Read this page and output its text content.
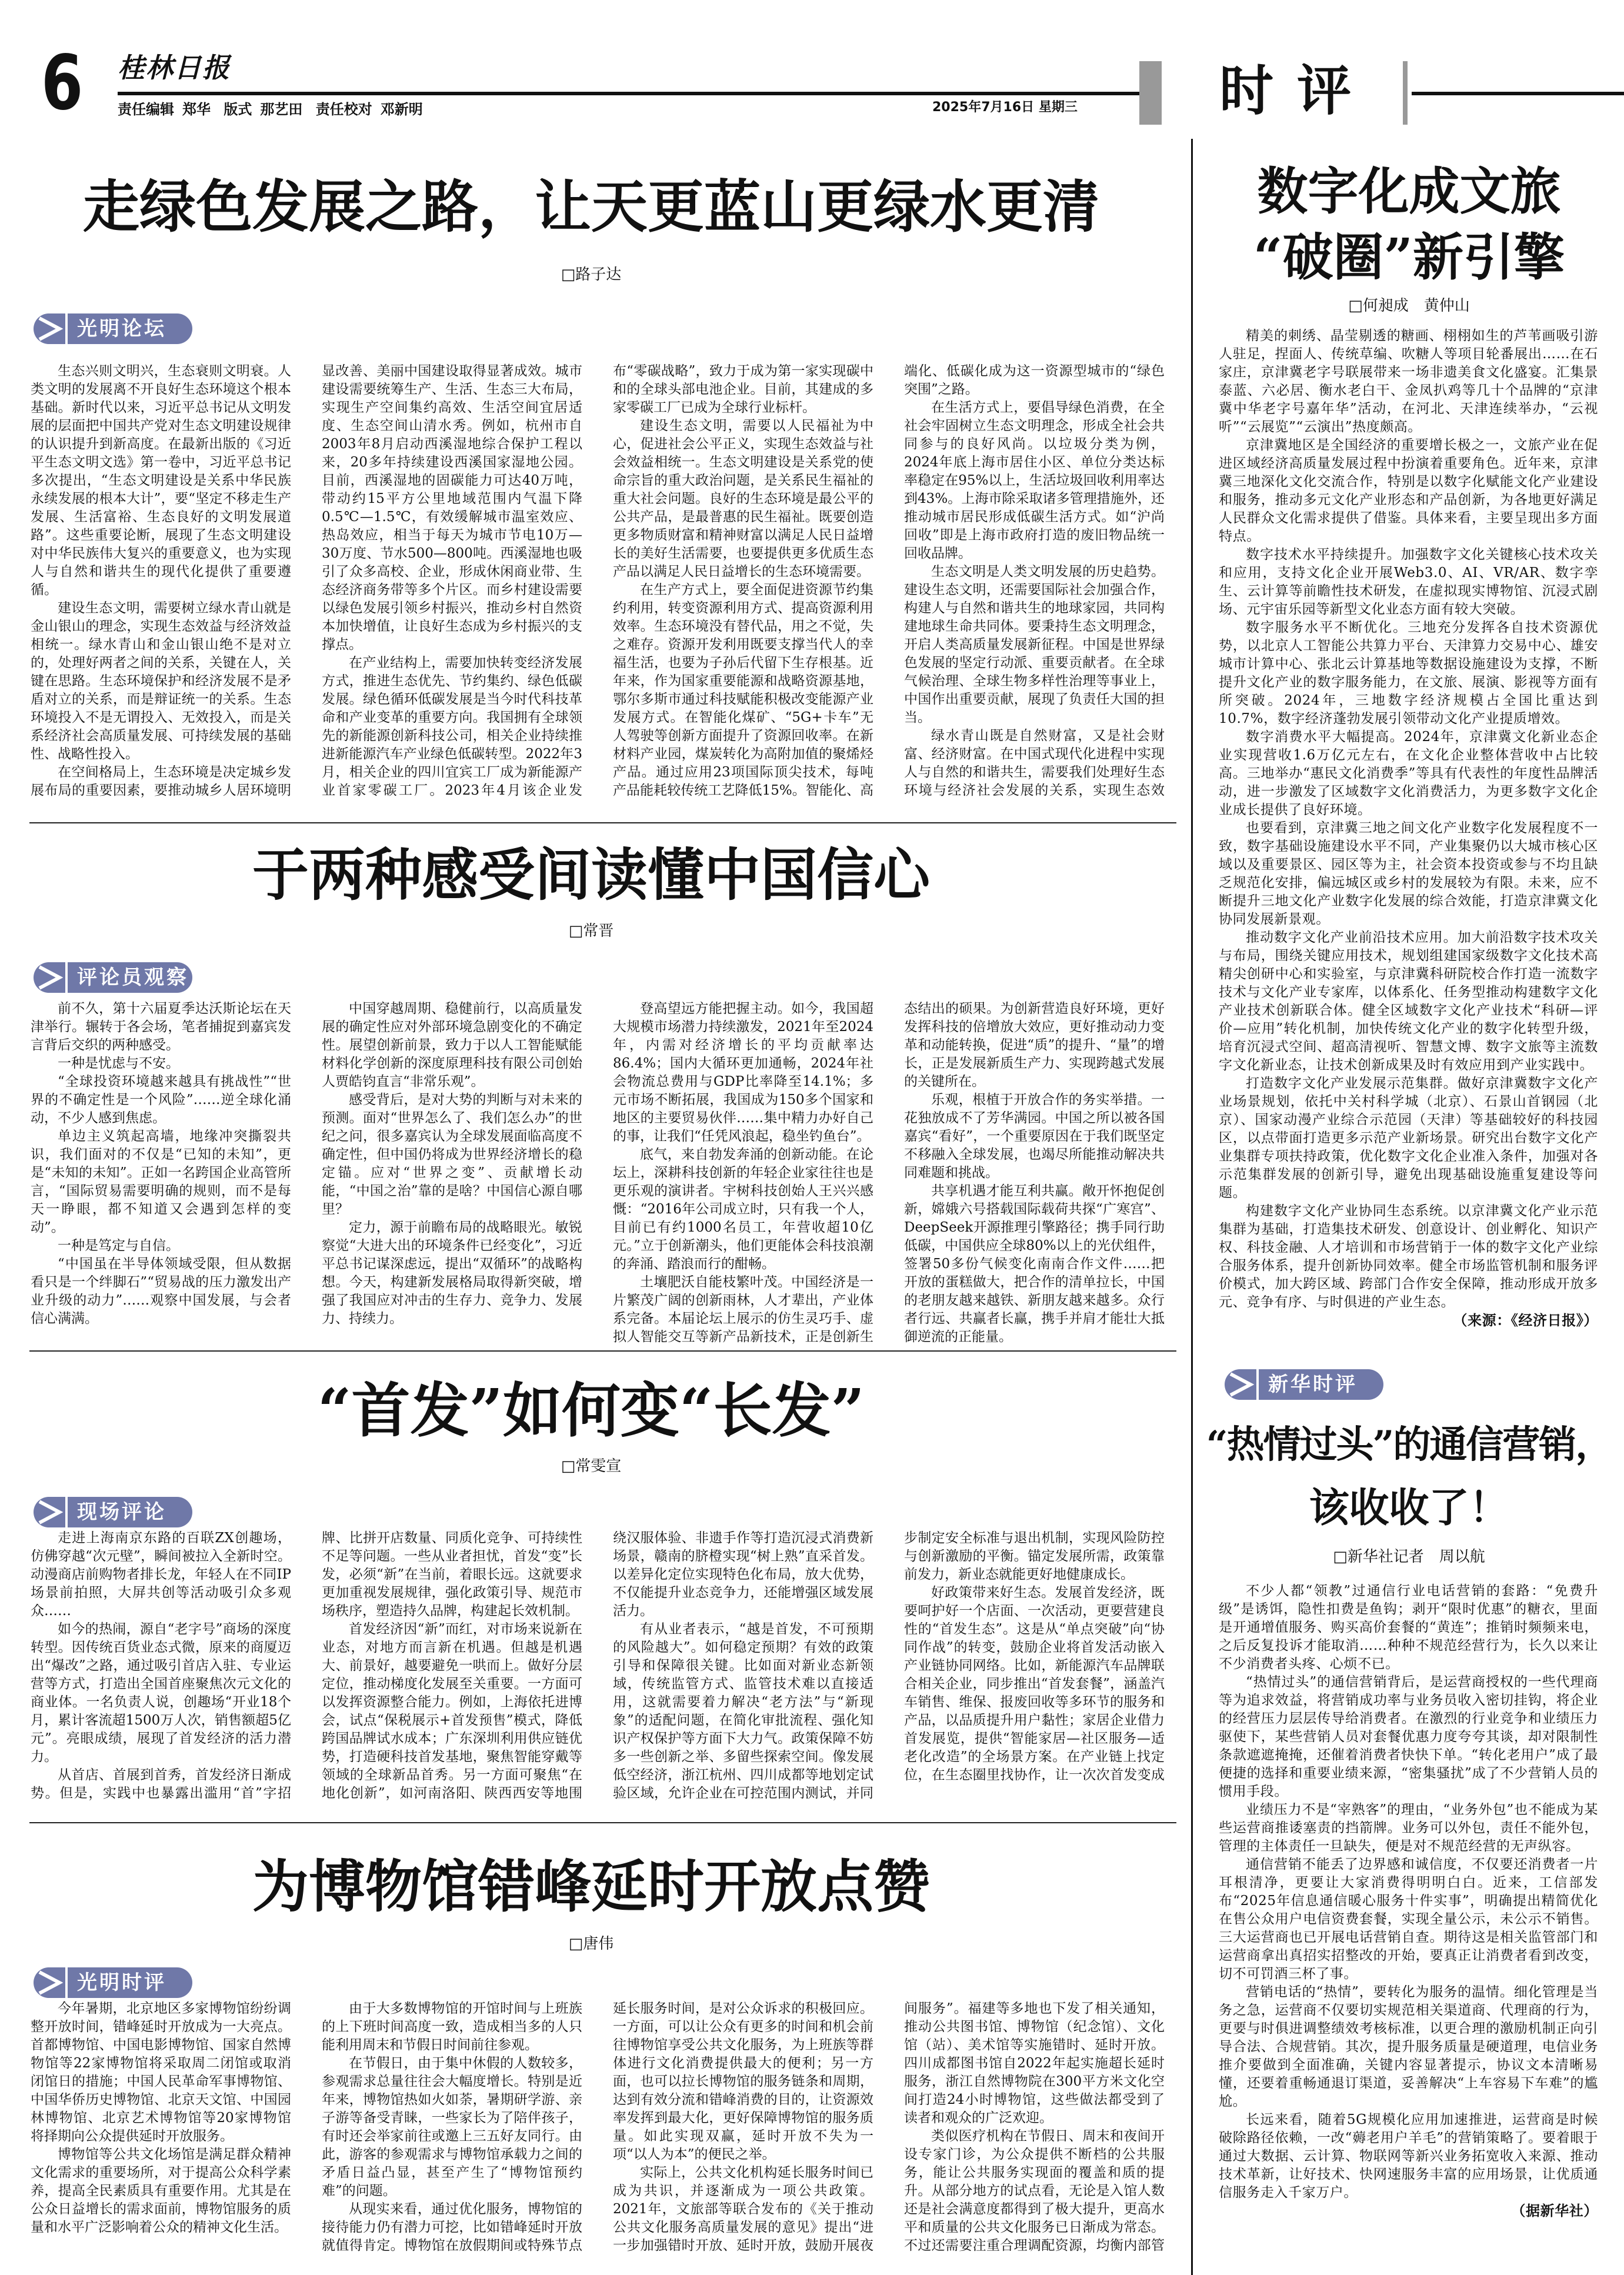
6 桂林日报
责任编辑 郑华 版式 那艺田 责任校对 邓新明	2025年7月16日 星期三	时评
走绿色发展之路，让天更蓝山更绿水更清
□路子达
光明论坛

生态兴则文明兴，生态衰则文明衰。人类文明的发展离不开良好生态环境这个根本基础。新时代以来，习近平总书记从文明发展的层面把中国共产党对生态文明建设规律的认识提升到新高度。在最新出版的《习近平生态文明文选》第一卷中，习近平总书记多次提出，“生态文明建设是关系中华民族永续发展的根本大计”，要“坚定不移走生产发展、生活富裕、生态良好的文明发展道路”。这些重要论断，展现了生态文明建设对中华民族伟大复兴的重要意义，也为实现人与自然和谐共生的现代化提供了重要遵循。

建设生态文明，需要树立绿水青山就是金山银山的理念，实现生态效益与经济效益相统一。绿水青山和金山银山绝不是对立的，处理好两者之间的关系，关键在人，关键在思路。生态环境保护和经济发展不是矛盾对立的关系，而是辩证统一的关系。生态环境投入不是无谓投入、无效投入，而是关系经济社会高质量发展、可持续发展的基础性、战略性投入。

在空间格局上，生态环境是决定城乡发展布局的重要因素，要推动城乡人居环境明显改善、美丽中国建设取得显著成效。城市建设需要统筹生产、生活、生态三大布局，实现生产空间集约高效、生活空间宜居适度、生态空间山清水秀。例如，杭州市自2003年8月启动西溪湿地综合保护工程以来，20多年持续建设西溪国家湿地公园。目前，西溪湿地的固碳能力可达40万吨，带动约15平方公里地域范围内气温下降0.5℃—1.5℃，有效缓解城市温室效应、热岛效应，相当于每天为城市节电10万—30万度、节水500—800吨。西溪湿地也吸引了众多高校、企业，形成休闲商业带、生态经济商务带等多个片区。而乡村建设需要以绿色发展引领乡村振兴，推动乡村自然资本加快增值，让良好生态成为乡村振兴的支撑点。

在产业结构上，需要加快转变经济发展方式，推进生态优先、节约集约、绿色低碳发展。绿色循环低碳发展是当今时代科技革命和产业变革的重要方向。我国拥有全球领先的新能源创新科技公司，相关企业持续推进新能源汽车产业绿色低碳转型。2022年3月，相关企业的四川宜宾工厂成为新能源产业首家零碳工厂。2023年4月该企业发布“零碳战略”，致力于成为第一家实现碳中和的全球头部电池企业。目前，其建成的多家零碳工厂已成为全球行业标杆。

建设生态文明，需要以人民福祉为中心，促进社会公平正义，实现生态效益与社会效益相统一。生态文明建设是关系党的使命宗旨的重大政治问题，是关系民生福祉的重大社会问题。良好的生态环境是最公平的公共产品，是最普惠的民生福祉。既要创造更多物质财富和精神财富以满足人民日益增长的美好生活需要，也要提供更多优质生态产品以满足人民日益增长的生态环境需要。

在生产方式上，要全面促进资源节约集约利用，转变资源利用方式、提高资源利用效率。生态环境没有替代品，用之不觉，失之难存。资源开发利用既要支撑当代人的幸福生活，也要为子孙后代留下生存根基。近年来，作为国家重要能源和战略资源基地，鄂尔多斯市通过科技赋能积极改变能源产业发展方式。在智能化煤矿、“5G+卡车”无人驾驶等创新方面提升了资源回收率。在新材料产业园，煤炭转化为高附加值的聚烯烃产品。通过应用23项国际顶尖技术，每吨产品能耗较传统工艺降低15%。智能化、高端化、低碳化成为这一资源型城市的“绿色突围”之路。

在生活方式上，要倡导绿色消费，在全社会牢固树立生态文明理念，形成全社会共同参与的良好风尚。以垃圾分类为例，2024年底上海市居住小区、单位分类达标率稳定在95%以上，生活垃圾回收利用率达到43%。上海市除采取诸多管理措施外，还推动城市居民形成低碳生活方式。如“沪尚回收”即是上海市政府打造的废旧物品统一回收品牌。

生态文明是人类文明发展的历史趋势。建设生态文明，还需要国际社会加强合作，构建人与自然和谐共生的地球家园，共同构建地球生命共同体。要秉持生态文明理念，开启人类高质量发展新征程。中国是世界绿色发展的坚定行动派、重要贡献者。在全球气候治理、全球生物多样性治理等事业上，中国作出重要贡献，展现了负责任大国的担当。

绿水青山既是自然财富，又是社会财富、经济财富。在中国式现代化进程中实现人与自然的和谐共生，需要我们处理好生态环境与经济社会发展的关系，实现生态效

于两种感受间读懂中国信心
□常晋
评论员观察

前不久，第十六届夏季达沃斯论坛在天津举行。辗转于各会场，笔者捕捉到嘉宾发言背后交织的两种感受。

一种是忧虑与不安。

“全球投资环境越来越具有挑战性”“世界的不确定性是一个风险”……逆全球化涌动，不少人感到焦虑。

单边主义筑起高墙，地缘冲突撕裂共识，我们面对的不仅是“已知的未知”，更是“未知的未知”。正如一名跨国企业高管所言，“国际贸易需要明确的规则，而不是每天一睁眼，都不知道又会遇到怎样的变动”。

一种是笃定与自信。

“中国虽在半导体领域受限，但从数据看只是一个绊脚石”“贸易战的压力激发出产业升级的动力”……观察中国发展，与会者信心满满。

中国穿越周期、稳健前行，以高质量发展的确定性应对外部环境急剧变化的不确定性。展望创新前景，致力于以人工智能赋能材料化学创新的深度原理科技有限公司创始人贾皓钧直言“非常乐观”。

感受背后，是对大势的判断与对未来的预测。面对“世界怎么了、我们怎么办”的世纪之问，很多嘉宾认为全球发展面临高度不确定性，但中国仍将成为世界经济增长的稳定锚。应对“世界之变”、贡献增长动能，“中国之治”靠的是啥？中国信心源自哪里？

定力，源于前瞻布局的战略眼光。敏锐察觉“大进大出的环境条件已经变化”，习近平总书记谋深虑远，提出“双循环”的战略构想。今天，构建新发展格局取得新突破，增强了我国应对冲击的生存力、竞争力、发展力、持续力。

登高望远方能把握主动。如今，我国超大规模市场潜力持续激发，2021年至2024年，内需对经济增长的平均贡献率达86.4%；国内大循环更加通畅，2024年社会物流总费用与GDP比率降至14.1%；多元市场不断拓展，我国成为150多个国家和地区的主要贸易伙伴……集中精力办好自己的事，让我们“任凭风浪起，稳坐钓鱼台”。

底气，来自勃发奔涌的创新动能。在论坛上，深耕科技创新的年轻企业家往往也是更乐观的演讲者。宇树科技创始人王兴兴感慨：“2016年公司成立时，只有我一个人，目前已有约1000名员工，年营收超10亿元。”立于创新潮头，他们更能体会科技浪潮的奔涌、踏浪而行的酣畅。

土壤肥沃自能枝繁叶茂。中国经济是一片繁茂广阔的创新雨林，人才辈出，产业体系完备。本届论坛上展示的仿生灵巧手、虚拟人智能交互等新产品新技术，正是创新生态结出的硕果。为创新营造良好环境，更好发挥科技的倍增放大效应，更好推动动力变革和动能转换，促进“质”的提升、“量”的增长，正是发展新质生产力、实现跨越式发展的关键所在。

乐观，根植于开放合作的务实举措。一花独放成不了芳华满园。中国之所以被各国嘉宾“看好”，一个重要原因在于我们既坚定不移融入全球发展，也竭尽所能推动解决共同难题和挑战。

共享机遇才能互利共赢。敞开怀抱促创新，嫦娥六号搭载国际载荷共探“广寒宫”、DeepSeek开源推理引擎路径；携手同行助低碳，中国供应全球80%以上的光伏组件，签署50多份气候变化南南合作文件……把开放的蛋糕做大，把合作的清单拉长，中国的老朋友越来越铁、新朋友越来越多。众行者行远、共赢者长赢，携手并肩才能壮大抵御逆流的正能量。

“首发”如何变“长发”
□常雯宣
现场评论

走进上海南京东路的百联ZX创趣场，仿佛穿越“次元壁”，瞬间被拉入全新时空。动漫商店前购物者排长龙，年轻人在不同IP场景前拍照，大屏共创等活动吸引众多观众……

如今的热闹，源自“老字号”商场的深度转型。因传统百货业态式微，原来的商厦迈出“爆改”之路，通过吸引首店入驻、专业运营等方式，打造出全国首座聚焦次元文化的商业体。一名负责人说，创趣场“开业18个月，累计客流超1500万人次，销售额超5亿元”。亮眼成绩，展现了首发经济的活力潜力。

从首店、首展到首秀，首发经济日渐成势。但是，实践中也暴露出滥用“首”字招牌、比拼开店数量、同质化竞争、可持续性不足等问题。一些从业者担忧，首发“变”长发，必须“新”在当前，着眼长远。这就要求更加重视发展规律，强化政策引导、规范市场秩序，塑造持久品牌，构建起长效机制。

首发经济因“新”而红，对市场来说新在业态，对地方而言新在机遇。但越是机遇大、前景好，越要避免一哄而上。做好分层定位，推动梯度化发展至关重要。一方面可以发挥资源整合能力。例如，上海依托进博会，试点“保税展示+首发预售”模式，降低跨国品牌试水成本；广东深圳利用供应链优势，打造硬科技首发基地，聚焦智能穿戴等领域的全球新品首秀。另一方面可聚焦“在地化创新”，如河南洛阳、陕西西安等地围绕汉服体验、非遗手作等打造沉浸式消费新场景，赣南的脐橙实现“树上熟”直采首发。以差异化定位实现特色化布局，放大优势，不仅能提升业态竞争力，还能增强区域发展活力。

有从业者表示，“越是首发，不可预期的风险越大”。如何稳定预期？有效的政策引导和保障很关键。比如面对新业态新领域，传统监管方式、监管技术难以直接适用，这就需要着力解决“老方法”与“新现象”的适配问题，在简化审批流程、强化知识产权保护等方面下大力气。政策保障不妨多一些创新之举、多留些探索空间。像发展低空经济，浙江杭州、四川成都等地划定试验区域，允许企业在可控范围内测试，并同步制定安全标准与退出机制，实现风险防控与创新激励的平衡。锚定发展所需，政策靠前发力，新业态就能更好地健康成长。

好政策带来好生态。发展首发经济，既要呵护好一个店面、一次活动，更要营建良性的“首发生态”。这是从“单点突破”向“协同作战”的转变，鼓励企业将首发活动嵌入产业链协同网络。比如，新能源汽车品牌联合相关企业，同步推出“首发套餐”，涵盖汽车销售、维保、报废回收等多环节的服务和产品，以品质提升用户黏性；家居企业借力首发展览，提供“智能家居—社区服务—适老化改造”的全场景方案。在产业链上找定位，在生态圈里找协作，让一次次首发变成

为博物馆错峰延时开放点赞
□唐伟
光明时评

今年暑期，北京地区多家博物馆纷纷调整开放时间，错峰延时开放成为一大亮点。首都博物馆、中国电影博物馆、国家自然博物馆等22家博物馆将采取周二闭馆或取消闭馆日的措施；中国人民革命军事博物馆、中国华侨历史博物馆、北京天文馆、中国园林博物馆、北京艺术博物馆等20家博物馆将择期向公众提供延时开放服务。

博物馆等公共文化场馆是满足群众精神文化需求的重要场所，对于提高公众科学素养，提高全民素质具有重要作用。尤其是在公众日益增长的需求面前，博物馆服务的质量和水平广泛影响着公众的精神文化生活。

由于大多数博物馆的开馆时间与上班族的上下班时间高度一致，造成相当多的人只能利用周末和节假日时间前往参观。

在节假日，由于集中休假的人数较多，参观需求总量往往会大幅度增长。特别是近年来，博物馆热如火如荼，暑期研学游、亲子游等备受青睐，一些家长为了陪伴孩子，有时还会举家前往或邀上三五好友同行。由此，游客的参观需求与博物馆承载力之间的矛盾日益凸显，甚至产生了“博物馆预约难”的问题。

从现实来看，通过优化服务，博物馆的接待能力仍有潜力可挖，比如错峰延时开放就值得肯定。博物馆在放假期间或特殊节点延长服务时间，是对公众诉求的积极回应。一方面，可以让公众有更多的时间和机会前往博物馆享受公共文化服务，为上班族等群体进行文化消费提供最大的便利；另一方面，也可以拉长博物馆的服务链条和周期，达到有效分流和错峰消费的目的，让资源效率发挥到最大化，更好保障博物馆的服务质量。如此实现双赢，延时开放不失为一项“以人为本”的便民之举。

实际上，公共文化机构延长服务时间已成为共识，并逐渐成为一项公共政策。2021年，文旅部等联合发布的《关于推动公共文化服务高质量发展的意见》提出“进一步加强错时开放、延时开放，鼓励开展夜间服务”。福建等多地也下发了相关通知，推动公共图书馆、博物馆（纪念馆）、文化馆（站）、美术馆等实施错时、延时开放。四川成都图书馆自2022年起实施超长延时服务，浙江自然博物院在300平方米文化空间打造24小时博物馆，这些做法都受到了读者和观众的广泛欢迎。

类似医疗机构在节假日、周末和夜间开设专家门诊，为公众提供不断档的公共服务，能让公共服务实现面的覆盖和质的提升。从部分地方的试点看，无论是入馆人数还是社会满意度都得到了极大提升，更高水平和质量的公共文化服务已日渐成为常态。不过还需要注重合理调配资源，均衡内部管

数字化成文旅
“破圈”新引擎
□何昶成　黄仲山

精美的刺绣、晶莹剔透的糖画、栩栩如生的芦苇画吸引游人驻足，捏面人、传统草编、吹糖人等项目轮番展出……在石家庄，京津冀老字号联展带来一场非遗美食文化盛宴。汇集景泰蓝、六必居、衡水老白干、金凤扒鸡等几十个品牌的“京津冀中华老字号嘉年华”活动，在河北、天津连续举办，“云视听”“云展览”“云演出”热度颇高。

京津冀地区是全国经济的重要增长极之一，文旅产业在促进区域经济高质量发展过程中扮演着重要角色。近年来，京津冀三地深化文化交流合作，特别是以数字化赋能文化产业建设和服务，推动多元文化产业形态和产品创新，为各地更好满足人民群众文化需求提供了借鉴。具体来看，主要呈现出多方面特点。

数字技术水平持续提升。加强数字文化关键核心技术攻关和应用，支持文化企业开展Web3.0、AI、VR/AR、数字孪生、云计算等前瞻性技术研发，在虚拟现实博物馆、沉浸式剧场、元宇宙乐园等新型文化业态方面有较大突破。

数字服务水平不断优化。三地充分发挥各自技术资源优势，以北京人工智能公共算力平台、天津算力交易中心、雄安城市计算中心、张北云计算基地等数据设施建设为支撑，不断提升文化产业的数字服务能力，在文旅、展演、影视等方面有所突破。2024年，三地数字经济规模占全国比重达到10.7%，数字经济蓬勃发展引领带动文化产业提质增效。

数字消费水平大幅提高。2024年，京津冀文化新业态企业实现营收1.6万亿元左右，在文化企业整体营收中占比较高。三地举办“惠民文化消费季”等具有代表性的年度性品牌活动，进一步激发了区域数字文化消费活力，为更多数字文化企业成长提供了良好环境。

也要看到，京津冀三地之间文化产业数字化发展程度不一致，数字基础设施建设水平不同，产业集聚仍以大城市核心区域以及重要景区、园区等为主，社会资本投资或参与不均且缺乏规范化安排，偏远城区或乡村的发展较为有限。未来，应不断提升三地文化产业数字化发展的综合效能，打造京津冀文化协同发展新景观。

推动数字文化产业前沿技术应用。加大前沿数字技术攻关与布局，围绕关键应用技术，规划组建国家级数字文化技术高精尖创研中心和实验室，与京津冀科研院校合作打造一流数字技术与文化产业专家库，以体系化、任务型推动构建数字文化产业技术创新联合体。健全区域数字文化产业技术“科研—评价—应用”转化机制，加快传统文化产业的数字化转型升级，培育沉浸式空间、超高清视听、智慧文博、数字文旅等主流数字文化新业态，让技术创新成果及时有效应用到产业实践中。

打造数字文化产业发展示范集群。做好京津冀数字文化产业场景规划，依托中关村科学城（北京）、石景山首钢园（北京）、国家动漫产业综合示范园（天津）等基础较好的科技园区，以点带面打造更多示范产业新场景。研究出台数字文化产业集群专项扶持政策，优化数字文化企业准入条件，加强对各示范集群发展的创新引导，避免出现基础设施重复建设等问题。

构建数字文化产业协同生态系统。以京津冀文化产业示范集群为基础，打造集技术研发、创意设计、创业孵化、知识产权、科技金融、人才培训和市场营销于一体的数字文化产业综合服务体系，提升创新协同效率。健全市场监管机制和服务评价模式，加大跨区域、跨部门合作安全保障，推动形成开放多元、竞争有序、与时俱进的产业生态。

（来源：《经济日报》）

新华时评
“热情过头”的通信营销，
该收收了！
□新华社记者　周以航

不少人都“领教”过通信行业电话营销的套路：“免费升级”是诱饵，隐性扣费是鱼钩；剥开“限时优惠”的糖衣，里面是开通增值服务、购买高价套餐的“黄连”；推销时频频来电，之后反复投诉才能取消……种种不规范经营行为，长久以来让不少消费者头疼、心烦不已。

“热情过头”的通信营销背后，是运营商授权的一些代理商等为追求效益，将营销成功率与业务员收入密切挂钩，将企业的经营压力层层传导给消费者。在激烈的行业竞争和业绩压力驱使下，某些营销人员对套餐优惠力度夸夸其谈，却对限制性条款遮遮掩掩，还催着消费者快快下单。“转化老用户”成了最便捷的选择和重要业绩来源，“密集骚扰”成了不少营销人员的惯用手段。

业绩压力不是“宰熟客”的理由，“业务外包”也不能成为某些运营商推诿塞责的挡箭牌。业务可以外包，责任不能外包，管理的主体责任一旦缺失，便是对不规范经营的无声纵容。

通信营销不能丢了边界感和诚信度，不仅要还消费者一片耳根清净，更要让大家消费得明明白白。近来，工信部发布“2025年信息通信暖心服务十件实事”，明确提出精简优化在售公众用户电信资费套餐，实现全量公示，未公示不销售。三大运营商也已开展电话营销自查。期待这是相关监管部门和运营商拿出真招实招整改的开始，要真正让消费者看到改变，切不可罚酒三杯了事。

营销电话的“热情”，要转化为服务的温情。细化管理是当务之急，运营商不仅要切实规范相关渠道商、代理商的行为，更要与时俱进调整绩效考核标准，以更合理的激励机制正向引导合法、合规营销。其次，提升服务质量是硬道理，电信业务推介要做到全面准确，关键内容显著提示，协议文本清晰易懂，还要着重畅通退订渠道，妥善解决“上车容易下车难”的尴尬。

长远来看，随着5G规模化应用加速推进，运营商是时候破除路径依赖，一改“薅老用户羊毛”的营销策略了。要着眼于通过大数据、云计算、物联网等新兴业务拓宽收入来源、推动技术革新，让好技术、快网速服务丰富的应用场景，让优质通信服务走入千家万户。

（据新华社）
